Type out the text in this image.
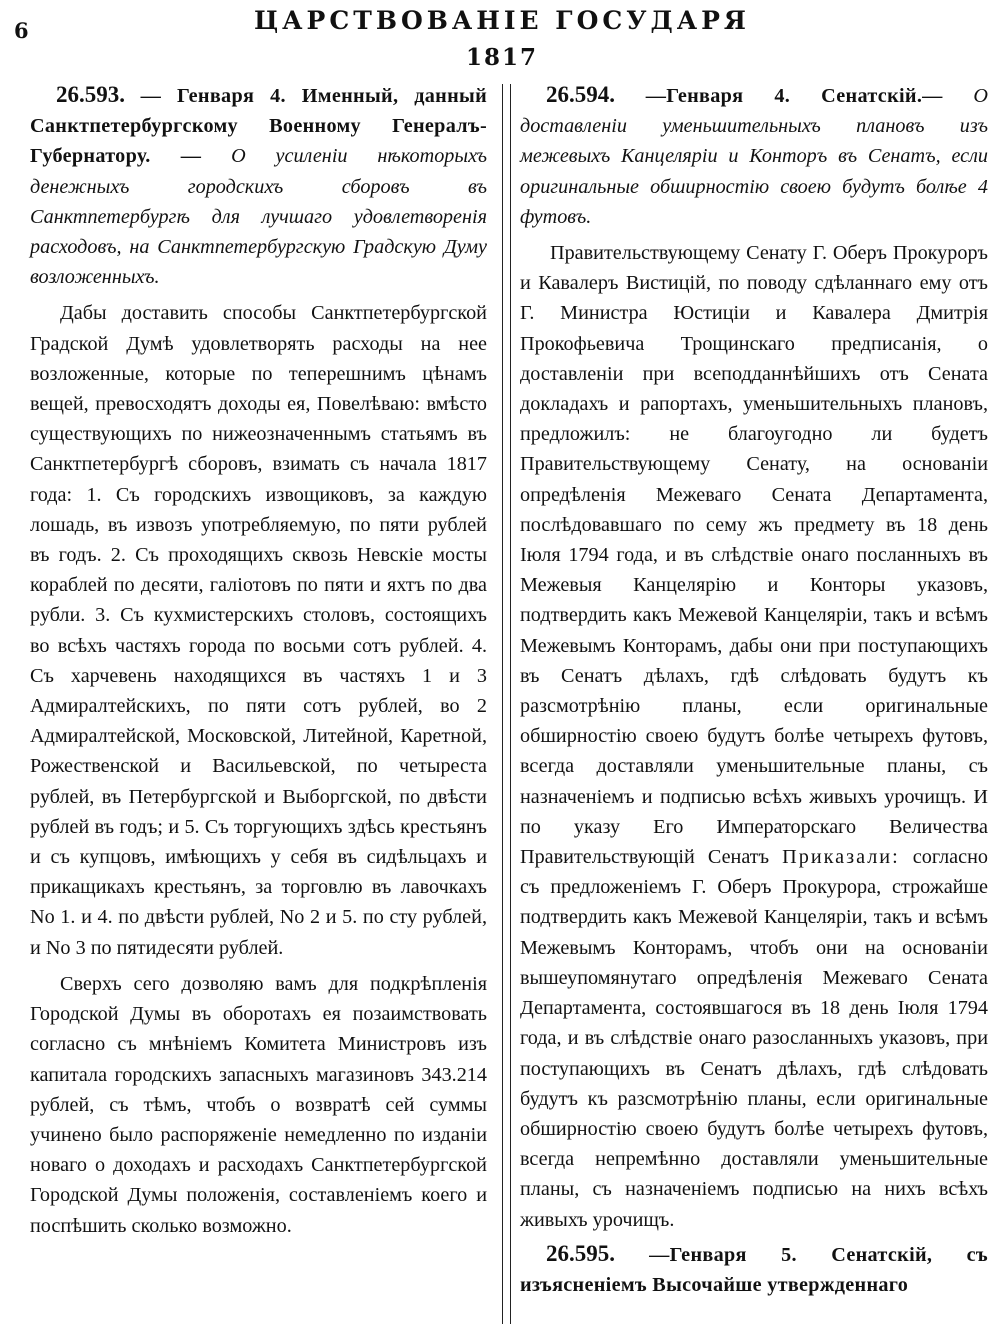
6	ЦАРСТВОВАНІЕ ГОСУДАРЯ
1817

26.593. — Генваря 4. Именный, данный Санктпетербургскому Военному Генералъ-Губернатору. — О усиленіи нѣкоторыхъ денежныхъ городскихъ сборовъ въ Санктпетербургѣ для лучшаго удовлетворенія расходовъ, на Санктпетербургскую Градскую Думу возложенныхъ.

Дабы доставить способы Санктпетербургской Градской Думѣ удовлетворять расходы на нее возложенные, которые по теперешнимъ цѣнамъ вещей, превосходятъ доходы ея, Повелѣваю: вмѣсто существующихъ по нижеозначеннымъ статьямъ въ Санктпетербургѣ сборовъ, взимать съ начала 1817 года: 1. Съ городскихъ извощиковъ, за каждую лошадь, въ извозъ употребляемую, по пяти рублей въ годъ. 2. Съ проходящихъ сквозь Невскіе мосты кораблей по десяти, галіотовъ по пяти и яхтъ по два рубли. 3. Съ кухмистерскихъ столовъ, состоящихъ во всѣхъ частяхъ города по восьми сотъ рублей. 4. Съ харчевень находящихся въ частяхъ 1 и 3 Адмиралтейскихъ, по пяти сотъ рублей, во 2 Адмиралтейской, Московской, Литейной, Каретной, Рожественской и Васильевской, по четыреста рублей, въ Петербургской и Выборгской, по двѣсти рублей въ годъ; и 5. Съ торгующихъ здѣсь крестьянъ и съ купцовъ, имѣющихъ у себя въ сидѣльцахъ и прикащикахъ крестьянъ, за торговлю въ лавочкахъ No 1. и 4. по двѣсти рублей, No 2 и 5. по сту рублей, и No 3 по пятидесяти рублей.

Сверхъ сего дозволяю вамъ для подкрѣпленія Городской Думы въ оборотахъ ея позаимствовать согласно съ мнѣніемъ Комитета Министровъ изъ капитала городскихъ запасныхъ магазиновъ 343.214 рублей, съ тѣмъ, чтобъ о возвратѣ сей суммы учинено было распоряженіе немедленно по изданіи новаго о доходахъ и расходахъ Санктпетербургской Городской Думы положенія, составленіемъ коего и поспѣшить сколько возможно.

26.594. —Генваря 4. Сенатскій.— О доставленіи уменьшительныхъ плановъ изъ межевыхъ Канцеляріи и Конторъ въ Сенатъ, если оригинальные обширностію своею будутъ болѣе 4 футовъ.

Правительствующему Сенату Г. Оберъ Прокуроръ и Кавалеръ Вистицій, по поводу сдѣланнаго ему отъ Г. Министра Юстиціи и Кавалера Дмитрія Прокофьевича Трощинскаго предписанія, о доставленіи при всеподданнѣйшихъ отъ Сената докладахъ и рапортахъ, уменьшительныхъ плановъ, предложилъ: не благоугодно ли будетъ Правительствующему Сенату, на основаніи опредѣленія Межеваго Сената Департамента, послѣдовавшаго по сему жъ предмету въ 18 день Іюля 1794 года, и въ слѣдствіе онаго посланныхъ въ Межевыя Канцелярію и Конторы указовъ, подтвердить какъ Межевой Канцеляріи, такъ и всѣмъ Межевымъ Конторамъ, дабы они при поступающихъ въ Сенатъ дѣлахъ, гдѣ слѣдовать будутъ къ разсмотрѣнію планы, если оригинальные обширностію своею будутъ болѣе четырехъ футовъ, всегда доставляли уменьшительные планы, съ назначеніемъ и подписью всѣхъ живыхъ урочищъ. И по указу Его Императорскаго Величества Правительствующій Сенатъ Приказали: согласно съ предложеніемъ Г. Оберъ Прокурора, строжайше подтвердить какъ Межевой Канцеляріи, такъ и всѣмъ Межевымъ Конторамъ, чтобъ они на основаніи вышеупомянутаго опредѣленія Межеваго Сената Департамента, состоявшагося въ 18 день Іюля 1794 года, и въ слѣдствіе онаго разосланныхъ указовъ, при поступающихъ въ Сенатъ дѣлахъ, гдѣ слѣдовать будутъ къ разсмотрѣнію планы, если оригинальные обширностію своею будутъ болѣе четырехъ футовъ, всегда непремѣнно доставляли уменьшительные планы, съ назначеніемъ подписью на нихъ всѣхъ живыхъ урочищъ.

26.595. —Генваря 5. Сенатскій, съ изъясненіемъ Высочайше утвержденнаго
